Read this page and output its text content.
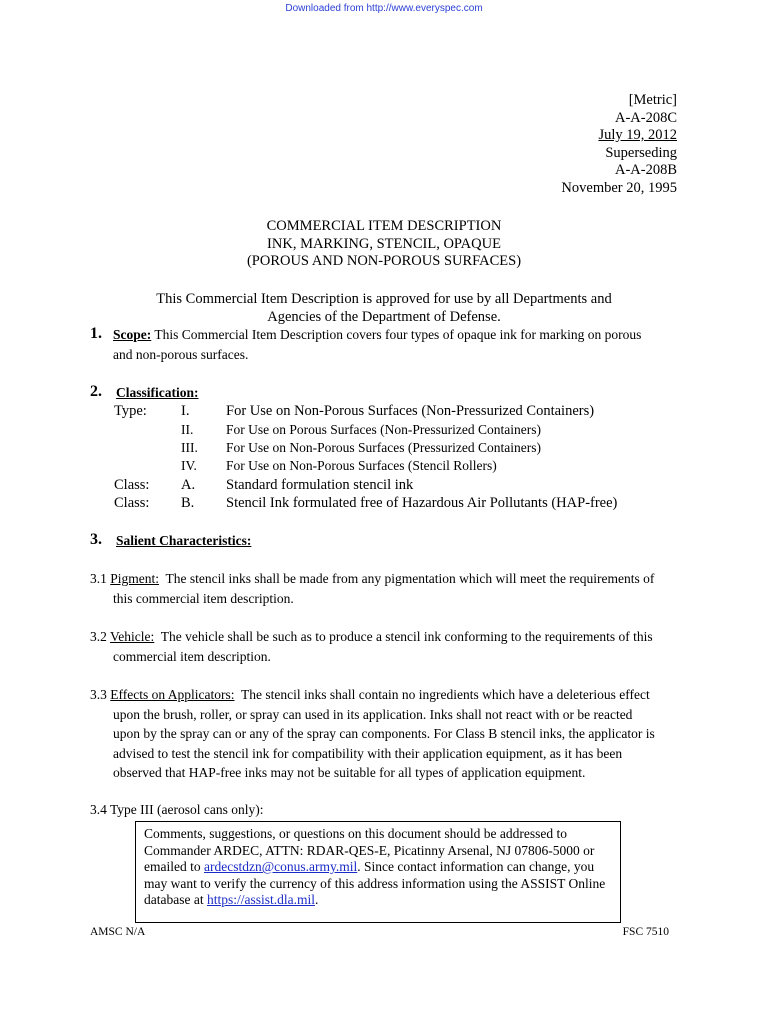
Downloaded from http://www.everyspec.com
[Metric]
A-A-208C
July 19, 2012
Superseding
A-A-208B
November 20, 1995
COMMERCIAL ITEM DESCRIPTION
INK, MARKING, STENCIL, OPAQUE
(POROUS AND NON-POROUS SURFACES)
This Commercial Item Description is approved for use by all Departments and
Agencies of the Department of Defense.
1. Scope: This Commercial Item Description covers four types of opaque ink for marking on porous
and non-porous surfaces.
2. Classification:
Type: I.	For Use on Non-Porous Surfaces (Non-Pressurized Containers)
II. For Use on Porous Surfaces (Non-Pressurized Containers)
III. For Use on Non-Porous Surfaces (Pressurized Containers)
IV. For Use on Non-Porous Surfaces (Stencil Rollers)
Class: A. Standard formulation stencil ink
Class: B. Stencil Ink formulated free of Hazardous Air Pollutants (HAP-free)
3. Salient Characteristics:
3.1 Pigment: The stencil inks shall be made from any pigmentation which will meet the requirements of
this commercial item description.
3.2 Vehicle: The vehicle shall be such as to produce a stencil ink conforming to the requirements of this
commercial item description.
3.3 Effects on Applicators: The stencil inks shall contain no ingredients which have a deleterious effect
upon the brush, roller, or spray can used in its application. Inks shall not react with or be reacted
upon by the spray can or any of the spray can components. For Class B stencil inks, the applicator is
advised to test the stencil ink for compatibility with their application equipment, as it has been
observed that HAP-free inks may not be suitable for all types of application equipment.
3.4 Type III (aerosol cans only):
Comments, suggestions, or questions on this document should be addressed to
Commander ARDEC, ATTN: RDAR-QES-E, Picatinny Arsenal, NJ 07806-5000 or
emailed to ardecstdzn@conus.army.mil. Since contact information can change, you
may want to verify the currency of this address information using the ASSIST Online
database at https://assist.dla.mil.
AMSC N/A	FSC 7510
